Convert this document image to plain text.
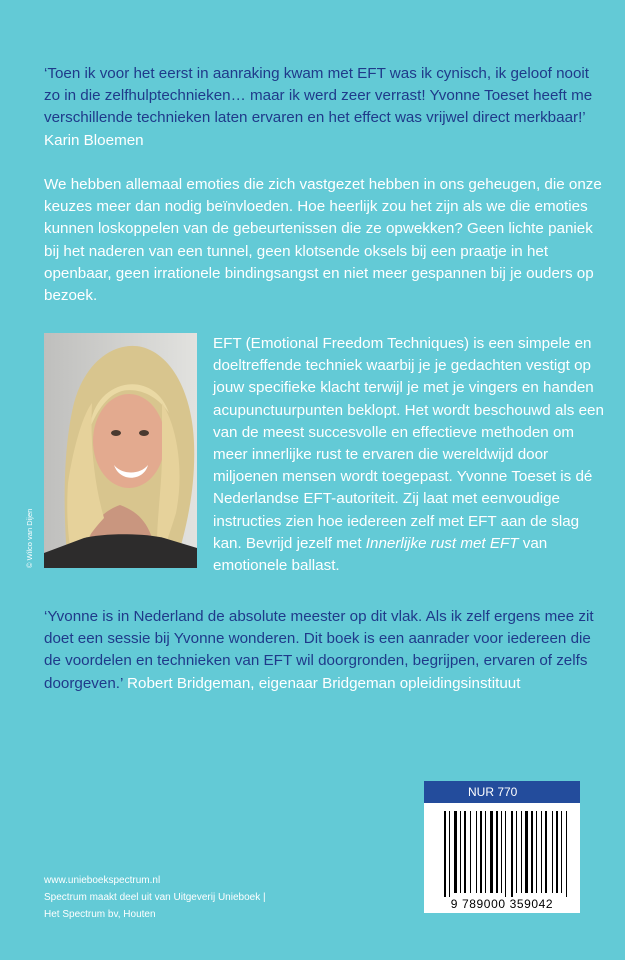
‘Toen ik voor het eerst in aanraking kwam met EFT was ik cynisch, ik geloof nooit zo in die zelfhulptechnieken… maar ik werd zeer verrast! Yvonne Toeset heeft me verschillende technieken laten ervaren en het effect was vrijwel direct merkbaar!’ Karin Bloemen

We hebben allemaal emoties die zich vastgezet hebben in ons geheugen, die onze keuzes meer dan nodig beïnvloeden. Hoe heerlijk zou het zijn als we die emoties kunnen loskoppelen van de gebeurtenissen die ze opwekken? Geen lichte paniek bij het naderen van een tunnel, geen klotsende oksels bij een praatje in het openbaar, geen irrationele bindingsangst en niet meer gespannen bij je ouders op bezoek.

© Wilco van Dijen

EFT (Emotional Freedom Techniques) is een simpele en doeltreffende techniek waarbij je je gedachten vestigt op jouw specifieke klacht terwijl je met je vingers en handen acupunctuurpunten beklopt. Het wordt beschouwd als een van de meest succesvolle en effectieve methoden om meer innerlijke rust te ervaren die wereldwijd door miljoenen mensen wordt toegepast. Yvonne Toeset is dé Nederlandse EFT-autoriteit. Zij laat met eenvoudige instructies zien hoe iedereen zelf met EFT aan de slag kan. Bevrijd jezelf met Innerlijke rust met EFT van emotionele ballast.

‘Yvonne is in Nederland de absolute meester op dit vlak. Als ik zelf ergens mee zit doet een sessie bij Yvonne wonderen. Dit boek is een aanrader voor iedereen die de voordelen en technieken van EFT wil doorgronden, begrijpen, ervaren of zelfs doorgeven.’ Robert Bridgeman, eigenaar Bridgeman opleidingsinstituut

NUR 770
9 789000 359042
www.unieboekspectrum.nl
Spectrum maakt deel uit van Uitgeverij Unieboek |
Het Spectrum bv, Houten
